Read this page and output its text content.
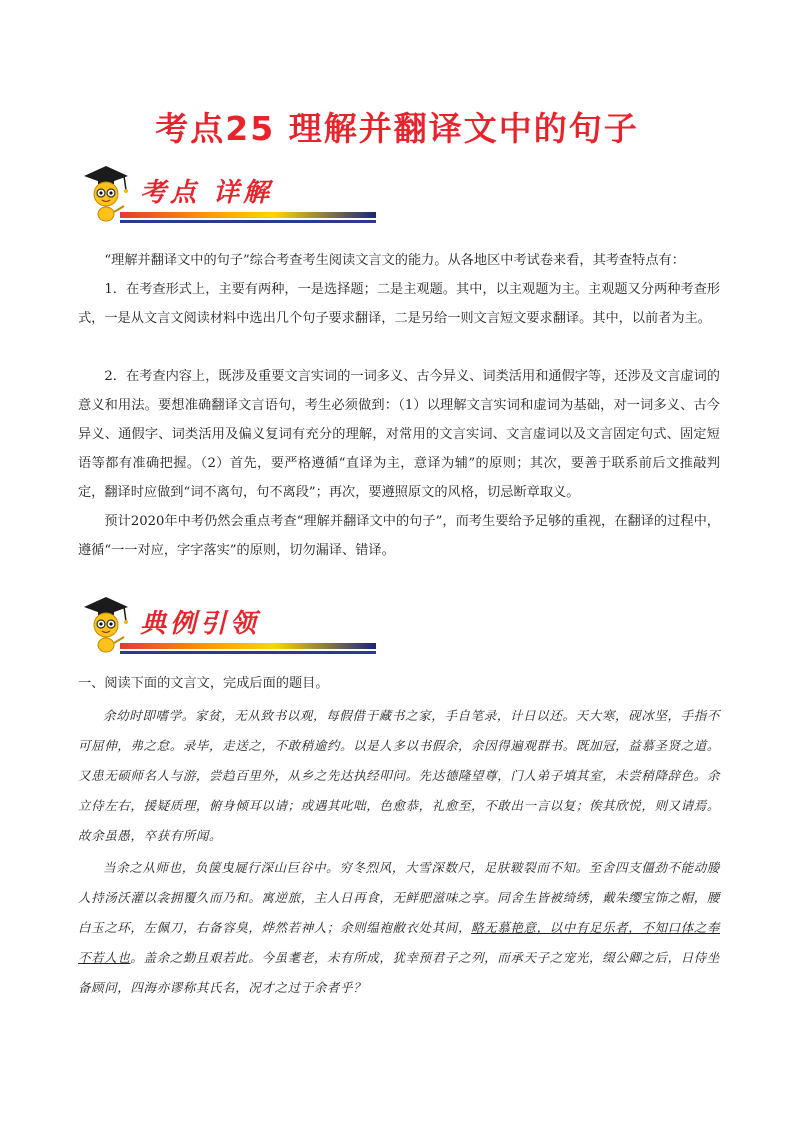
考点25 理解并翻译文中的句子
考点 详解
“理解并翻译文中的句子”综合考查考生阅读文言文的能力。从各地区中考试卷来看，其考查特点有：
1．在考查形式上，主要有两种，一是选择题；二是主观题。其中，以主观题为主。主观题又分两种考查形式，一是从文言文阅读材料中选出几个句子要求翻译，二是另给一则文言短文要求翻译。其中，以前者为主。
2．在考查内容上，既涉及重要文言实词的一词多义、古今异义、词类活用和通假字等，还涉及文言虚词的意义和用法。要想准确翻译文言语句，考生必须做到：（1）以理解文言实词和虚词为基础，对一词多义、古今异义、通假字、词类活用及偏义复词有充分的理解，对常用的文言实词、文言虚词以及文言固定句式、固定短语等都有准确把握。（2）首先，要严格遵循“直译为主，意译为辅”的原则；其次，要善于联系前后文推敲判定，翻译时应做到“词不离句，句不离段”；再次，要遵照原文的风格，切忌断章取义。
预计2020年中考仍然会重点考查“理解并翻译文中的句子”，而考生要给予足够的重视，在翻译的过程中，遵循“一一对应，字字落实”的原则，切勿漏译、错译。
典例引领
一、阅读下面的文言文，完成后面的题目。
余幼时即嗜学。家贫，无从致书以观，每假借于藏书之家，手自笔录，计日以还。天大寒，砚冰坚，手指不可屈伸，弗之怠。录毕，走送之，不敢稍逾约。以是人多以书假余，余因得遍观群书。既加冠，益慕圣贤之道。又患无硕师名人与游，尝趋百里外，从乡之先达执经叩问。先达德隆望尊，门人弟子填其室，未尝稍降辞色。余立侍左右，援疑质理，俯身倾耳以请；或遇其叱咄，色愈恭，礼愈至，不敢出一言以复；俟其欣悦，则又请焉。故余虽愚，卒获有所闻。
当余之从师也，负箧曳屣行深山巨谷中。穷冬烈风，大雪深数尺，足肤皲裂而不知。至舍四支僵劲不能动媵人持汤沃灌以衾拥覆久而乃和。寓逆旅，主人日再食，无鲜肥滋味之享。同舍生皆被绮绣，戴朱缨宝饰之帽，腰白玉之环，左佩刀，右备容臭，烨然若神人；余则缊袍敝衣处其间，略无慕艳意，以中有足乐者，不知口体之奉不若人也。盖余之勤且艰若此。今虽耄老，未有所成，犹幸预君子之列，而承天子之宠光，缀公卿之后，日侍坐备顾问，四海亦谬称其氏名，况才之过于余者乎？
